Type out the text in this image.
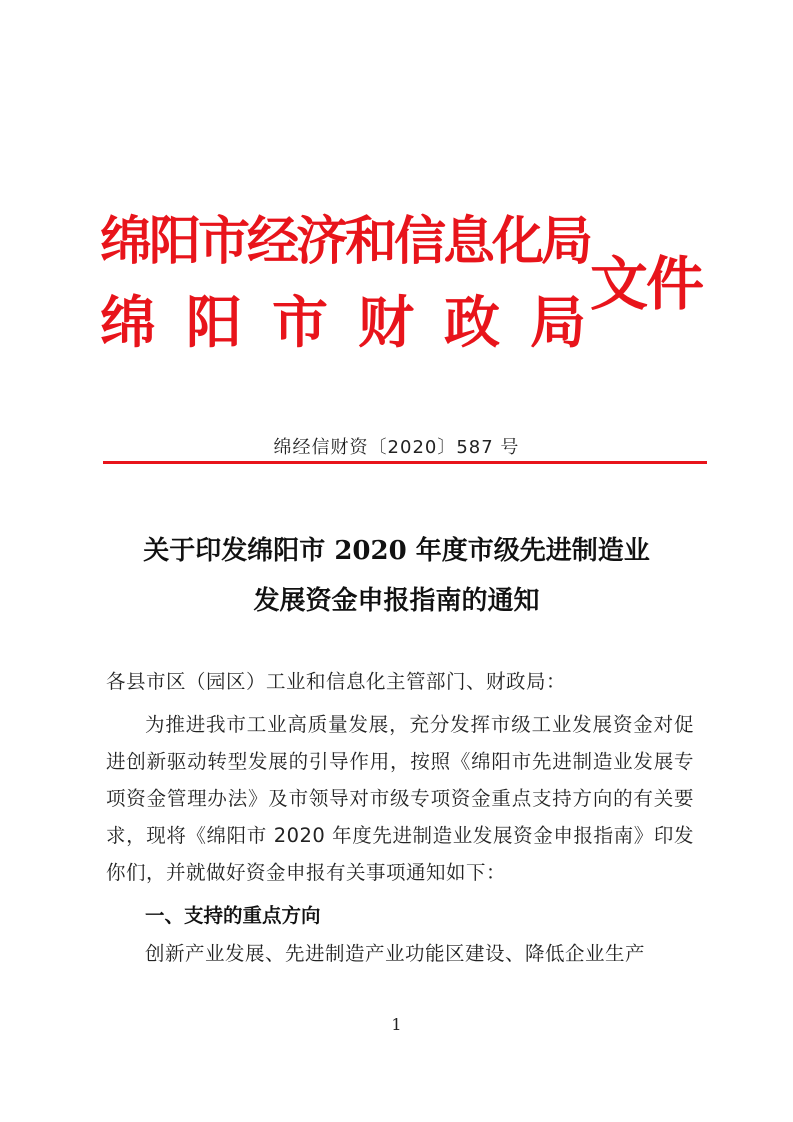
绵阳市经济和信息化局
绵 阳 市 财 政 局
文件
绵经信财资〔2020〕587 号
关于印发绵阳市 2020 年度市级先进制造业
发展资金申报指南的通知
各县市区（园区）工业和信息化主管部门、财政局：
为推进我市工业高质量发展，充分发挥市级工业发展资金对促进创新驱动转型发展的引导作用，按照《绵阳市先进制造业发展专项资金管理办法》及市领导对市级专项资金重点支持方向的有关要求，现将《绵阳市 2020 年度先进制造业发展资金申报指南》印发你们，并就做好资金申报有关事项通知如下：
一、支持的重点方向
创新产业发展、先进制造产业功能区建设、降低企业生产
1
